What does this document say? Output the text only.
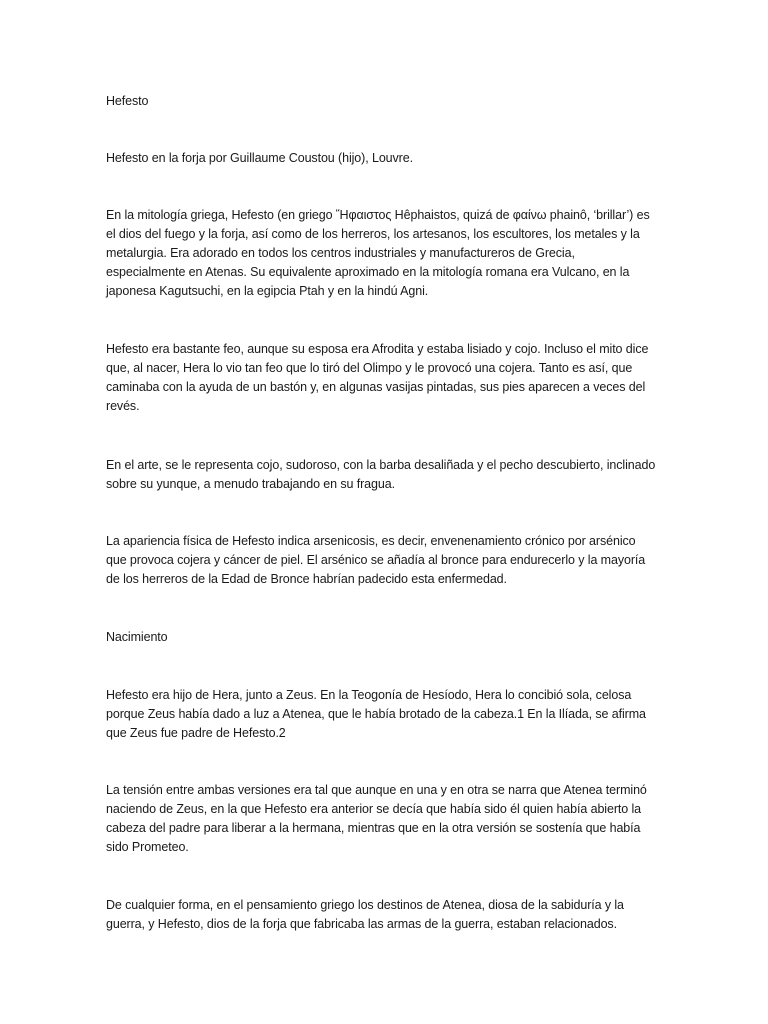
Hefesto

Hefesto en la forja por Guillaume Coustou (hijo), Louvre.

En la mitología griega, Hefesto (en griego Ἥφαιστος Hêphaistos, quizá de φαίνω phainô, ‘brillar’) es el dios del fuego y la forja, así como de los herreros, los artesanos, los escultores, los metales y la metalurgia. Era adorado en todos los centros industriales y manufactureros de Grecia, especialmente en Atenas. Su equivalente aproximado en la mitología romana era Vulcano, en la japonesa Kagutsuchi, en la egipcia Ptah y en la hindú Agni.

Hefesto era bastante feo, aunque su esposa era Afrodita y estaba lisiado y cojo. Incluso el mito dice que, al nacer, Hera lo vio tan feo que lo tiró del Olimpo y le provocó una cojera. Tanto es así, que caminaba con la ayuda de un bastón y, en algunas vasijas pintadas, sus pies aparecen a veces del revés.

En el arte, se le representa cojo, sudoroso, con la barba desaliñada y el pecho descubierto, inclinado sobre su yunque, a menudo trabajando en su fragua.

La apariencia física de Hefesto indica arsenicosis, es decir, envenenamiento crónico por arsénico que provoca cojera y cáncer de piel. El arsénico se añadía al bronce para endurecerlo y la mayoría de los herreros de la Edad de Bronce habrían padecido esta enfermedad.

Nacimiento

Hefesto era hijo de Hera, junto a Zeus. En la Teogonía de Hesíodo, Hera lo concibió sola, celosa porque Zeus había dado a luz a Atenea, que le había brotado de la cabeza.1 En la Ilíada, se afirma que Zeus fue padre de Hefesto.2

La tensión entre ambas versiones era tal que aunque en una y en otra se narra que Atenea terminó naciendo de Zeus, en la que Hefesto era anterior se decía que había sido él quien había abierto la cabeza del padre para liberar a la hermana, mientras que en la otra versión se sostenía que había sido Prometeo.

De cualquier forma, en el pensamiento griego los destinos de Atenea, diosa de la sabiduría y la guerra, y Hefesto, dios de la forja que fabricaba las armas de la guerra, estaban relacionados.
